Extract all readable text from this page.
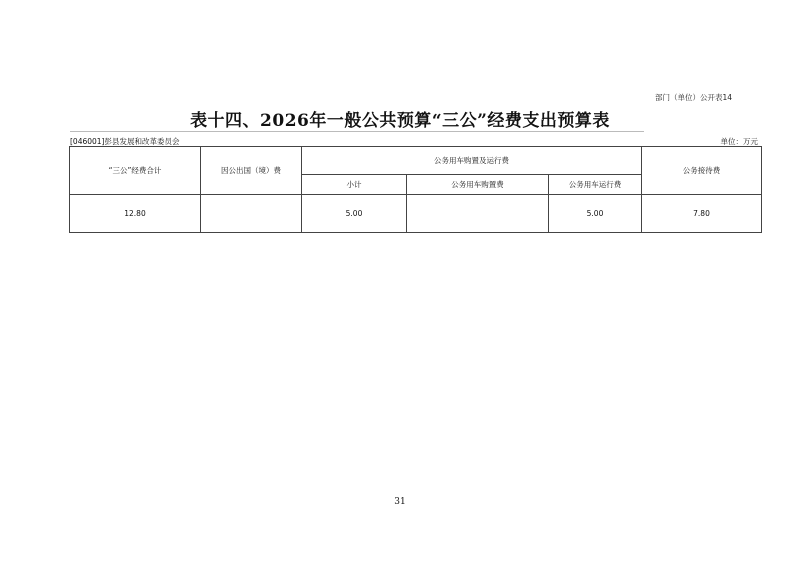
部门（单位）公开表14
表十四、2026年一般公共预算“三公”经费支出预算表
[046001]彭县发展和改革委员会	单位：万元
“三公”经费合计	因公出国（境）费	公务用车购置及运行费			公务接待费
		小计	公务用车购置费	公务用车运行费	
12.80		5.00		5.00	7.80
31
